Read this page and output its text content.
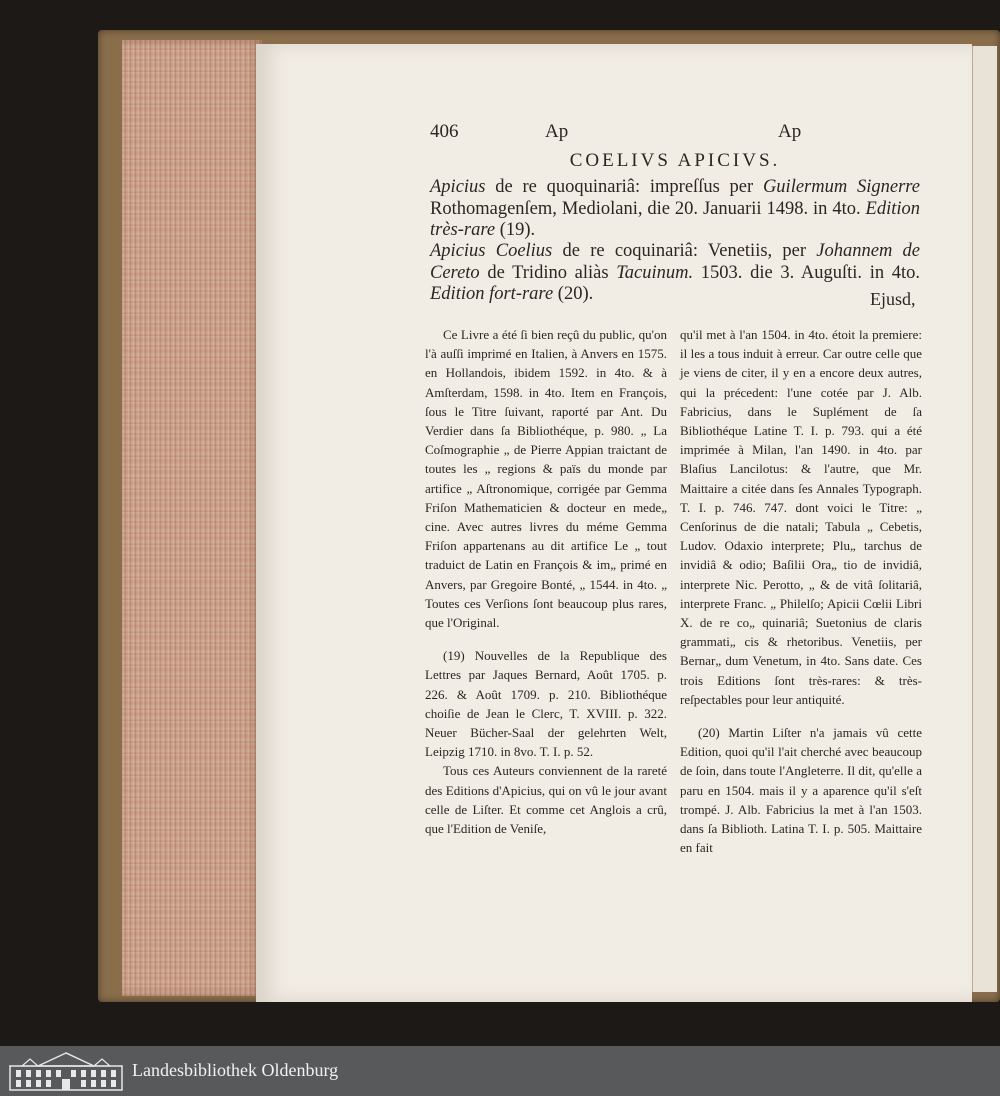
406	Ap	Ap
COELIVS APICIVS.
Apicius de re quoquinariâ: impreſſus per Guilermum Signerre Rothomagenſem, Mediolani, die 20. Januarii 1498. in 4to. Edition très-rare (19).
Apicius Coelius de re coquinariâ: Venetiis, per Johannem de Cereto de Tridino aliàs Tacuinum. 1503. die 3. Auguſti. in 4to. Edition fort-rare (20).	Ejusd,

Ce Livre a été ſi bien reçû du public, qu'on l'à auſſi imprimé en Italien, à Anvers en 1575. en Hollandois, ibidem 1592. in 4to. & à Amſterdam, 1598. in 4to. Item en François, ſous le Titre ſuivant, raporté par Ant. Du Verdier dans ſa Bibliothéque, p. 980. „ La Coſmographie „ de Pierre Appian traictant de toutes les „ regions & païs du monde par artifice „ Aſtronomique, corrigée par Gemma Friſon Mathematicien & docteur en mede„ cine. Avec autres livres du méme Gemma Friſon appartenans au dit artifice Le „ tout traduict de Latin en François & im„ primé en Anvers, par Gregoire Bonté, „ 1544. in 4to. „ Toutes ces Verſions ſont beaucoup plus rares, que l'Original.

(19) Nouvelles de la Republique des Lettres par Jaques Bernard, Août 1705. p. 226. & Août 1709. p. 210. Bibliothéque choiſie de Jean le Clerc, T. XVIII. p. 322. Neuer Bücher-Saal der gelehrten Welt, Leipzig 1710. in 8vo. T. I. p. 52.

Tous ces Auteurs conviennent de la rareté des Editions d'Apicius, qui on vû le jour avant celle de Liſter. Et comme cet Anglois a crû, que l'Edition de Veniſe,

qu'il met à l'an 1504. in 4to. étoit la premiere: il les a tous induit à erreur. Car outre celle que je viens de citer, il y en a encore deux autres, qui la précedent: l'une cotée par J. Alb. Fabricius, dans le Suplément de ſa Bibliothéque Latine T. I. p. 793. qui a été imprimée à Milan, l'an 1490. in 4to. par Blaſius Lancilotus: & l'autre, que Mr. Maittaire a citée dans ſes Annales Typograph. T. I. p. 746. 747. dont voici le Titre: „ Cenſorinus de die natali; Tabula „ Cebetis, Ludov. Odaxio interprete; Plu„ tarchus de invidiâ & odio; Baſilii Ora„ tio de invidiâ, interprete Nic. Perotto, „ & de vitâ ſolitariâ, interprete Franc. „ Philelſo; Apicii Cœlii Libri X. de re co„ quinariâ; Suetonius de claris grammati„ cis & rhetoribus. Venetiis, per Bernar„ dum Venetum, in 4to. Sans date. Ces trois Editions ſont très-rares: & très-reſpectables pour leur antiquité.

(20) Martin Liſter n'a jamais vû cette Edition, quoi qu'il l'ait cherché avec beaucoup de ſoin, dans toute l'Angleterre. Il dit, qu'elle a paru en 1504. mais il y a aparence qu'il s'eſt trompé. J. Alb. Fabricius la met à l'an 1503. dans ſa Biblioth. Latina T. I. p. 505. Maittaire en fait

Landesbibliothek Oldenburg
